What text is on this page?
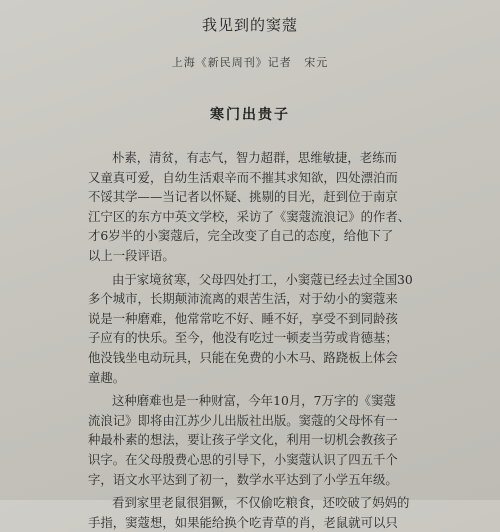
我见到的窦蔻
上海《新民周刊》记者 宋元
寒门出贵子
朴素，清贫，有志气，智力超群，思维敏捷，老练而
又童真可爱，自幼生活艰辛而不摧其求知欲，四处漂泊而
不馁其学——当记者以怀疑、挑剔的目光，赶到位于南京
江宁区的东方中英文学校，采访了《窦蔻流浪记》的作者、
才6岁半的小窦蔻后，完全改变了自己的态度，给他下了
以上一段评语。
由于家境贫寒，父母四处打工，小窦蔻已经去过全国30
多个城市，长期颠沛流离的艰苦生活，对于幼小的窦蔻来
说是一种磨难，他常常吃不好、睡不好，享受不到同龄孩
子应有的快乐。至今，他没有吃过一顿麦当劳或肯德基；
他没钱坐电动玩具，只能在免费的小木马、路跷板上体会
童趣。
这种磨难也是一种财富，今年10月，7万字的《窦蔻
流浪记》即将由江苏少儿出版社出版。窦蔻的父母怀有一
种最朴素的想法，要让孩子学文化，利用一切机会教孩子
识字。在父母殷费心思的引导下，小窦蔻认识了四五千个
字，语文水平达到了初一，数学水平达到了小学五年级。
看到家里老鼠很猖獗，不仅偷吃粮食，还咬破了妈妈的
手指，窦蔻想，如果能给换个吃青草的肖，老鼠就可以只
